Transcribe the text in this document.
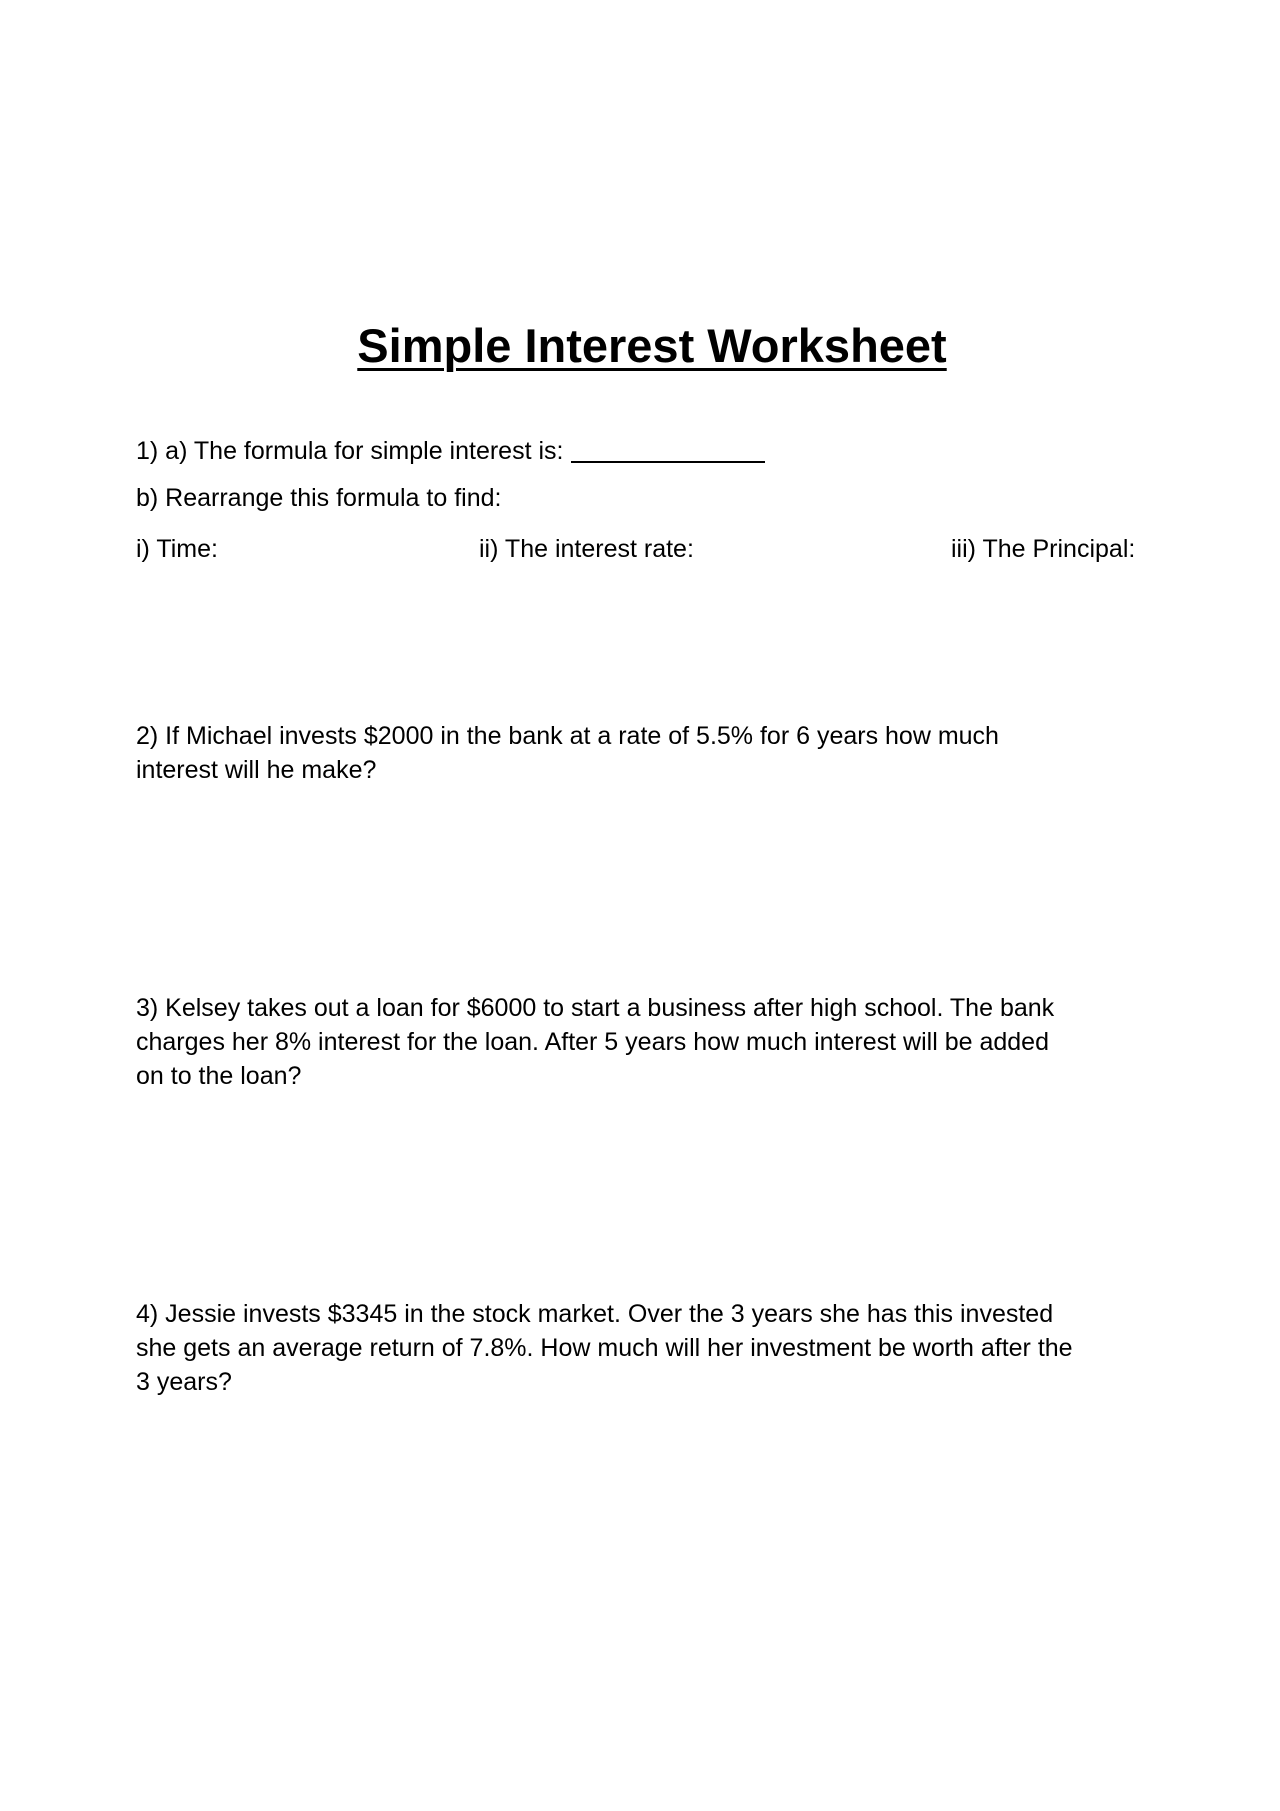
Simple Interest Worksheet
1) a) The formula for simple interest is:
b) Rearrange this formula to find:
i) Time:	ii) The interest rate:	iii) The Principal:

2) If Michael invests $2000 in the bank at a rate of 5.5% for 6 years how much

interest will he make?

3) Kelsey takes out a loan for $6000 to start a business after high school. The bank

charges her 8% interest for the loan. After 5 years how much interest will be added

on to the loan?

4) Jessie invests $3345 in the stock market. Over the 3 years she has this invested

she gets an average return of 7.8%. How much will her investment be worth after the

3 years?
